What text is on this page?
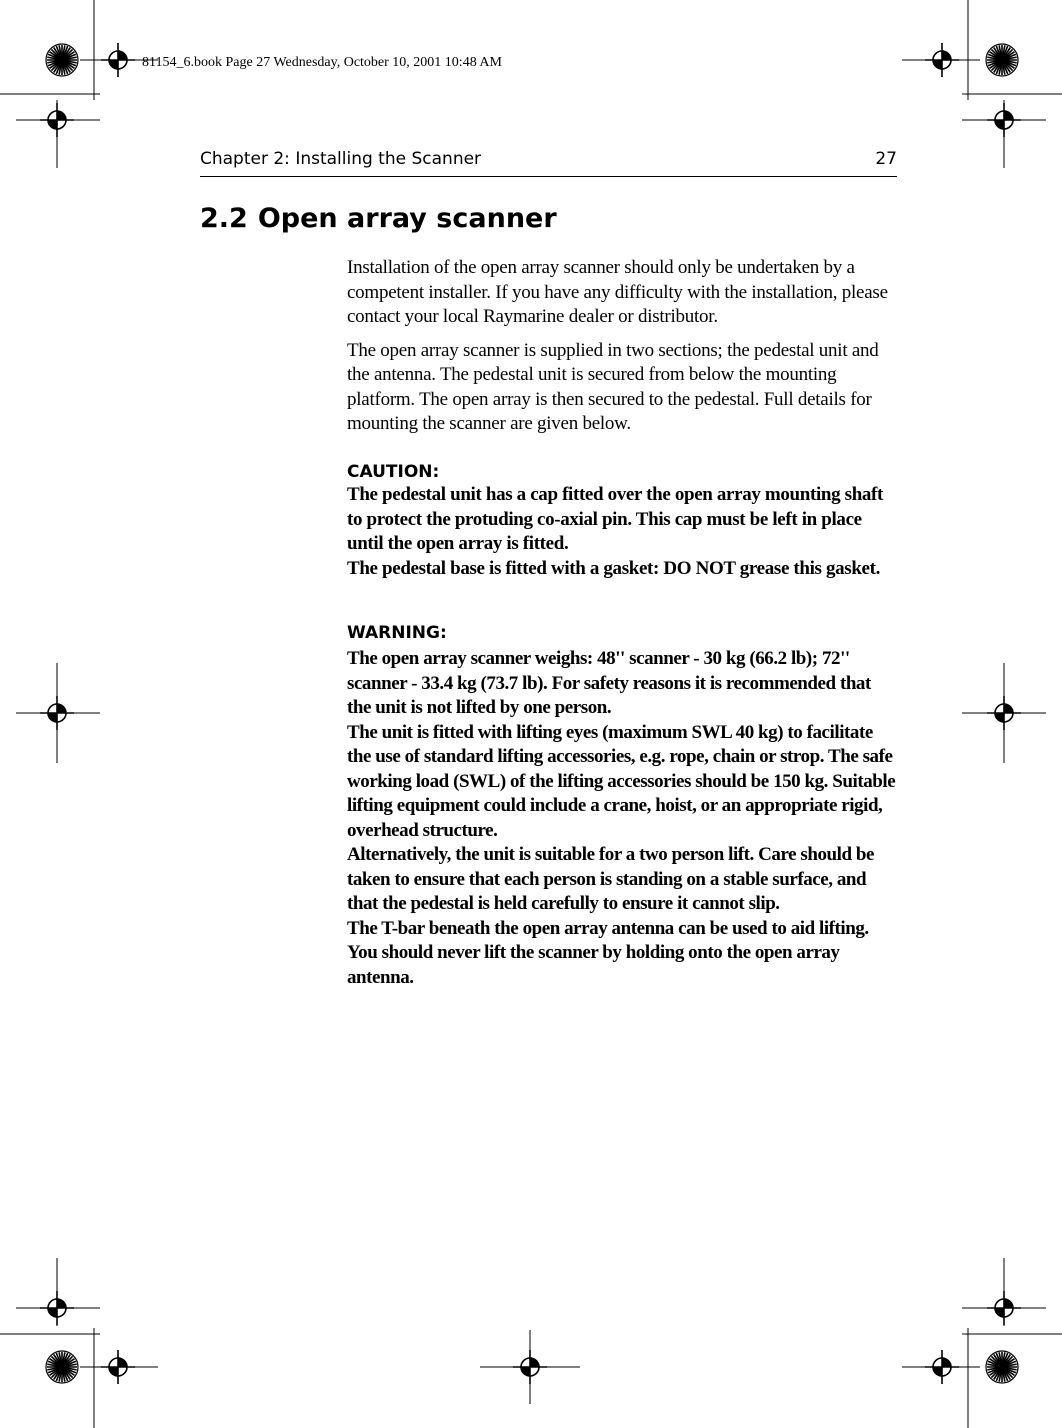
81154_6.book Page 27 Wednesday, October 10, 2001 10:48 AM
Chapter 2: Installing the Scanner	27
2.2 Open array scanner

Installation of the open array scanner should only be undertaken by a competent installer. If you have any difficulty with the installation, please contact your local Raymarine dealer or distributor.

The open array scanner is supplied in two sections; the pedestal unit and the antenna. The pedestal unit is secured from below the mounting platform. The open array is then secured to the pedestal. Full details for mounting the scanner are given below.

CAUTION:
The pedestal unit has a cap fitted over the open array mounting shaft to protect the protuding co-axial pin. This cap must be left in place until the open array is fitted.
The pedestal base is fitted with a gasket: DO NOT grease this gasket.
WARNING:
The open array scanner weighs: 48'' scanner - 30 kg (66.2 lb); 72'' scanner - 33.4 kg (73.7 lb). For safety reasons it is recommended that the unit is not lifted by one person.
The unit is fitted with lifting eyes (maximum SWL 40 kg) to facilitate the use of standard lifting accessories, e.g. rope, chain or strop. The safe working load (SWL) of the lifting accessories should be 150 kg. Suitable lifting equipment could include a crane, hoist, or an appropriate rigid, overhead structure.
Alternatively, the unit is suitable for a two person lift. Care should be taken to ensure that each person is standing on a stable surface, and that the pedestal is held carefully to ensure it cannot slip.
The T-bar beneath the open array antenna can be used to aid lifting.
You should never lift the scanner by holding onto the open array antenna.
